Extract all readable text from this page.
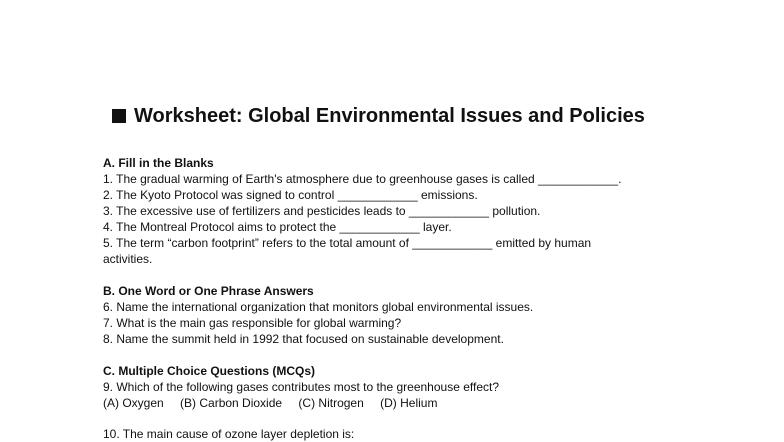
Worksheet: Global Environmental Issues and Policies
A. Fill in the Blanks
1. The gradual warming of Earth's atmosphere due to greenhouse gases is called ____________.
2. The Kyoto Protocol was signed to control ____________ emissions.
3. The excessive use of fertilizers and pesticides leads to ____________ pollution.
4. The Montreal Protocol aims to protect the ____________ layer.
5. The term “carbon footprint” refers to the total amount of ____________ emitted by human
activities.
B. One Word or One Phrase Answers
6. Name the international organization that monitors global environmental issues.
7. What is the main gas responsible for global warming?
8. Name the summit held in 1992 that focused on sustainable development.
C. Multiple Choice Questions (MCQs)
9. Which of the following gases contributes most to the greenhouse effect?
(A) Oxygen (B) Carbon Dioxide (C) Nitrogen (D) Helium
10. The main cause of ozone layer depletion is:
